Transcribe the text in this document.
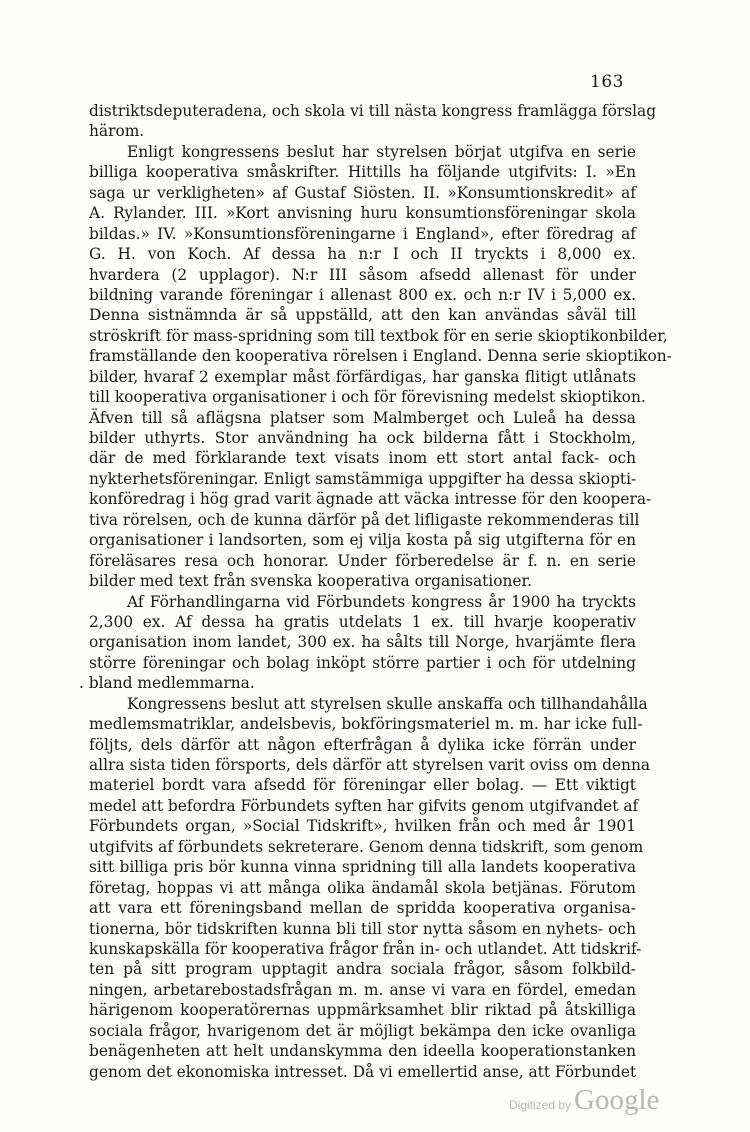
163
distriktsdeputeradena, och skola vi till nästa kongress framlägga förslag
härom.
Enligt kongressens beslut har styrelsen börjat utgifva en serie
billiga kooperativa småskrifter. Hittills ha följande utgifvits: I. »En
saga ur verkligheten» af Gustaf Siösten. II. »Konsumtionskredit» af
A. Rylander. III. »Kort anvisning huru konsumtionsföreningar skola
bildas.» IV. »Konsumtionsföreningarne i England», efter föredrag af
G. H. von Koch. Af dessa ha n:r I och II tryckts i 8,000 ex.
hvardera (2 upplagor). N:r III såsom afsedd allenast för under
bildning varande föreningar i allenast 800 ex. och n:r IV i 5,000 ex.
Denna sistnämnda är så uppställd, att den kan användas såväl till
ströskrift för mass-spridning som till textbok för en serie skioptikonbilder,
framställande den kooperativa rörelsen i England. Denna serie skioptikon-
bilder, hvaraf 2 exemplar måst förfärdigas, har ganska flitigt utlånats
till kooperativa organisationer i och för förevisning medelst skioptikon.
Äfven till så aflägsna platser som Malmberget och Luleå ha dessa
bilder uthyrts. Stor användning ha ock bilderna fått i Stockholm,
där de med förklarande text visats inom ett stort antal fack- och
nykterhetsföreningar. Enligt samstämmiga uppgifter ha dessa skiopti-
konföredrag i hög grad varit ägnade att väcka intresse för den koopera-
tiva rörelsen, och de kunna därför på det lifligaste rekommenderas till
organisationer i landsorten, som ej vilja kosta på sig utgifterna för en
föreläsares resa och honorar. Under förberedelse är f. n. en serie
bilder med text från svenska kooperativa organisationer.
Af Förhandlingarna vid Förbundets kongress år 1900 ha tryckts
2,300 ex. Af dessa ha gratis utdelats 1 ex. till hvarje kooperativ
organisation inom landet, 300 ex. ha sålts till Norge, hvarjämte flera
större föreningar och bolag inköpt större partier i och för utdelning
. bland medlemmarna.
Kongressens beslut att styrelsen skulle anskaffa och tillhandahålla
medlemsmatriklar, andelsbevis, bokföringsmateriel m. m. har icke full-
följts, dels därför att någon efterfrågan å dylika icke förrän under
allra sista tiden försports, dels därför att styrelsen varit oviss om denna
materiel bordt vara afsedd för föreningar eller bolag. — Ett viktigt
medel att befordra Förbundets syften har gifvits genom utgifvandet af
Förbundets organ, »Social Tidskrift», hvilken från och med år 1901
utgifvits af förbundets sekreterare. Genom denna tidskrift, som genom
sitt billiga pris bör kunna vinna spridning till alla landets kooperativa
företag, hoppas vi att många olika ändamål skola betjänas. Förutom
att vara ett föreningsband mellan de spridda kooperativa organisa-
tionerna, bör tidskriften kunna bli till stor nytta såsom en nyhets- och
kunskapskälla för kooperativa frågor från in- och utlandet. Att tidskrif-
ten på sitt program upptagit andra sociala frågor, såsom folkbild-
ningen, arbetarebostadsfrågan m. m. anse vi vara en fördel, emedan
härigenom kooperatörernas uppmärksamhet blir riktad på åtskilliga
sociala frågor, hvarigenom det är möjligt bekämpa den icke ovanliga
benägenheten att helt undanskymma den ideella kooperationstanken
genom det ekonomiska intresset. Då vi emellertid anse, att Förbundet
Digitized by Google
